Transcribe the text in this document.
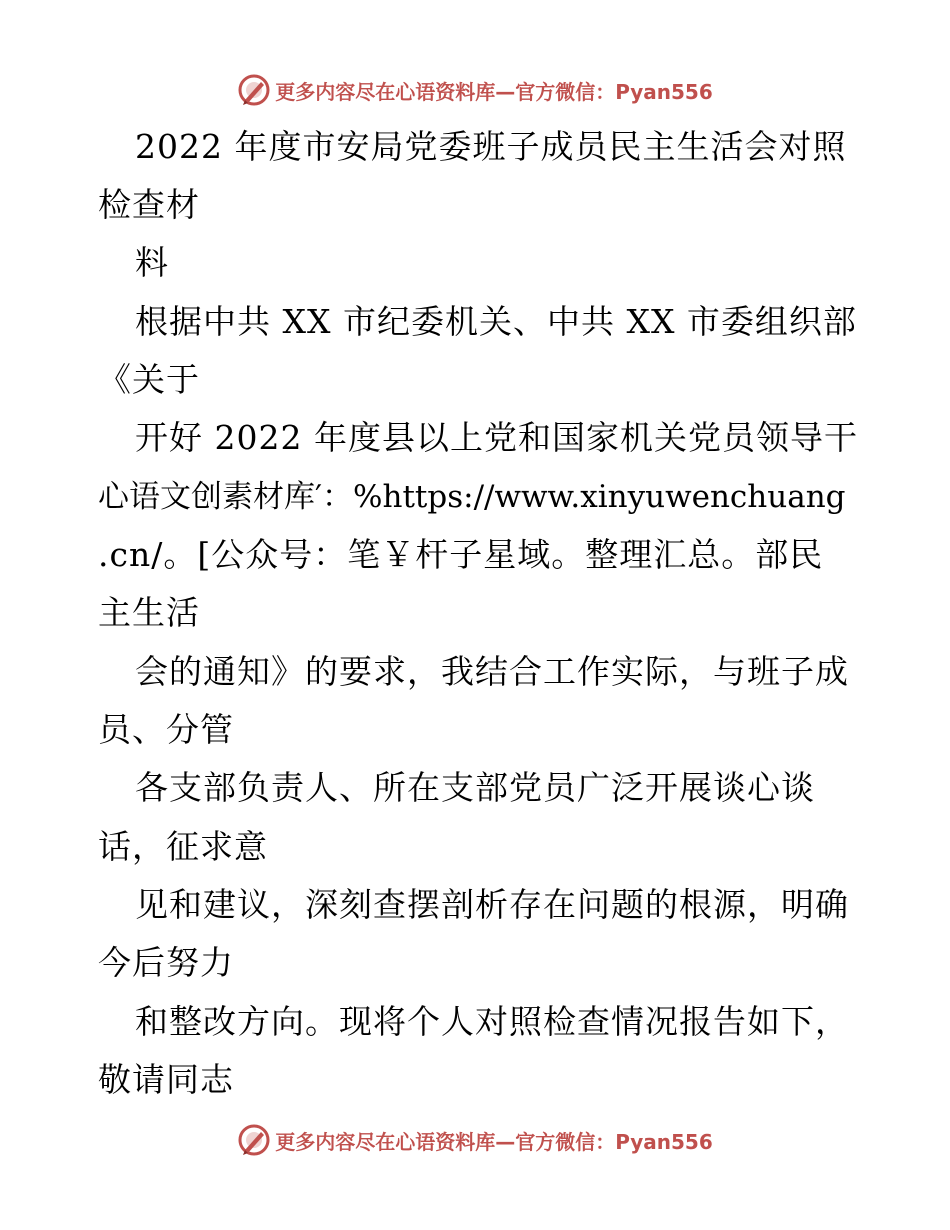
更多内容尽在心语资料库—官方微信：Pyan556
2022 年度市安局党委班子成员民主生活会对照
检查材
料
根据中共 XX 市纪委机关、中共 XX 市委组织部
《关于
开好 2022 年度县以上党和国家机关党员领导干
心语文创素材库′：%https://www.xinyuwenchuang
.cn/。[公众号：笔￥杆子星域。整理汇总。部民
主生活
会的通知》的要求，我结合工作实际，与班子成
员、分管
各支部负责人、所在支部党员广泛开展谈心谈
话，征求意
见和建议，深刻查摆剖析存在问题的根源，明确
今后努力
和整改方向。现将个人对照检查情况报告如下，
敬请同志
更多内容尽在心语资料库—官方微信：Pyan556
